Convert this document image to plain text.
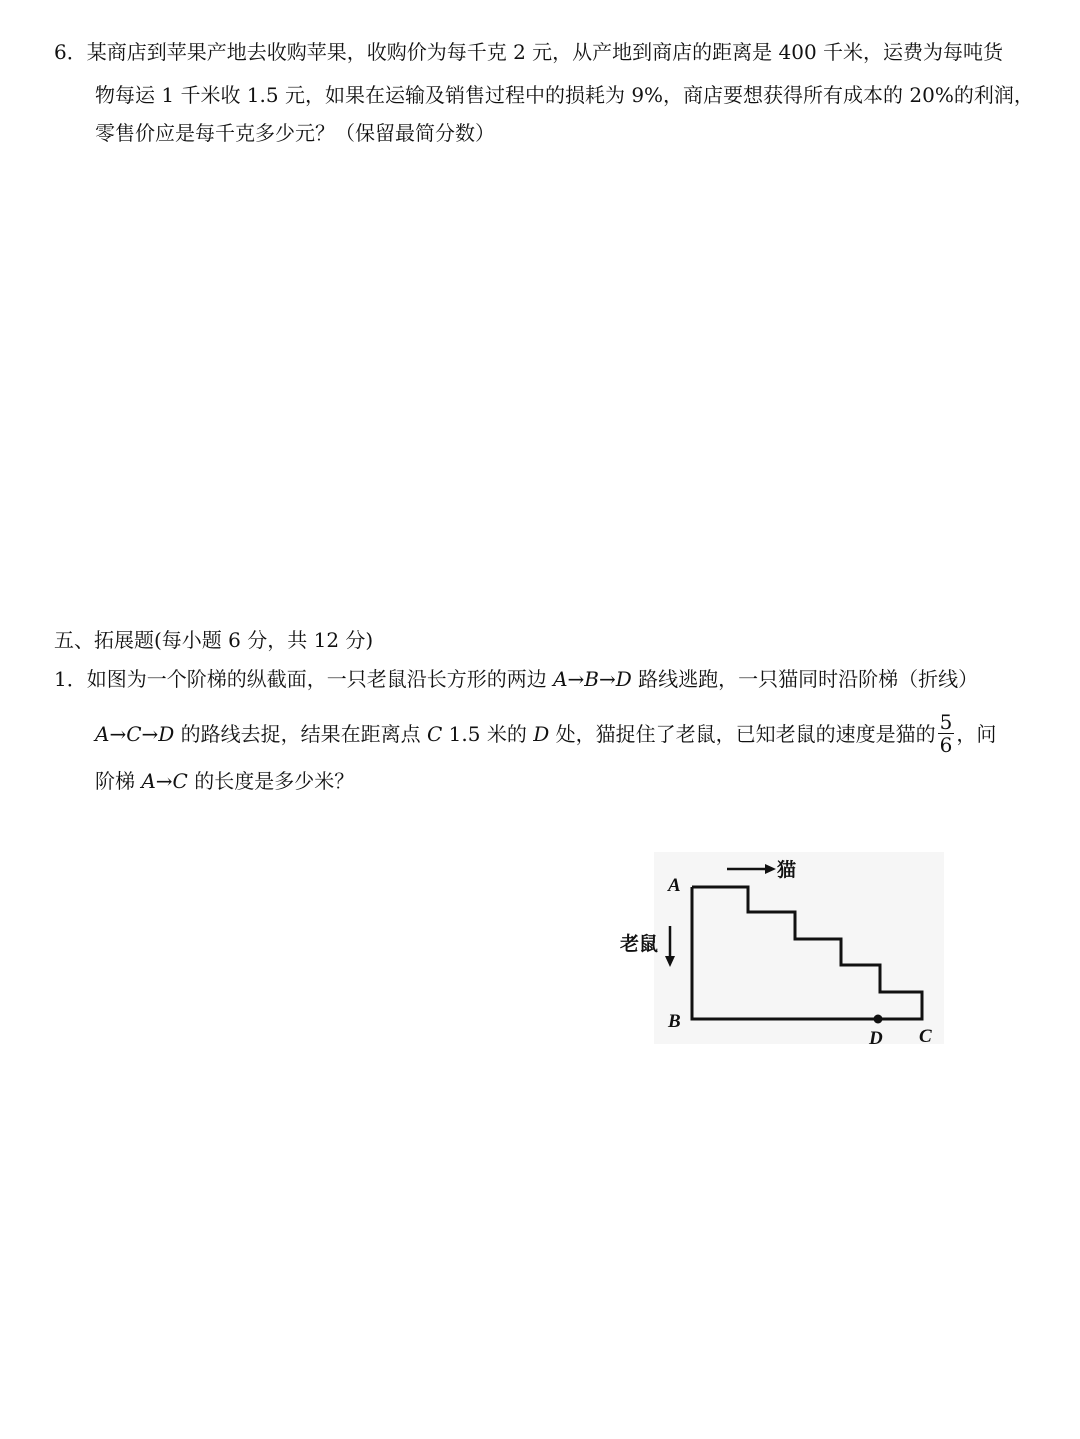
6．某商店到苹果产地去收购苹果，收购价为每千克 2 元，从产地到商店的距离是 400 千米，运费为每吨货
物每运 1 千米收 1.5 元，如果在运输及销售过程中的损耗为 9%，商店要想获得所有成本的 20%的利润，
零售价应是每千克多少元？（保留最简分数）
五、拓展题(每小题 6 分，共 12 分)
1．如图为一个阶梯的纵截面，一只老鼠沿长方形的两边 A→B→D 路线逃跑，一只猫同时沿阶梯（折线）
A→C→D 的路线去捉，结果在距离点 C 1.5 米的 D 处，猫捉住了老鼠，已知老鼠的速度是猫的 $\frac{5}{6}$ ，问
阶梯 A→C 的长度是多少米？
猫
老鼠
A
B
D C
